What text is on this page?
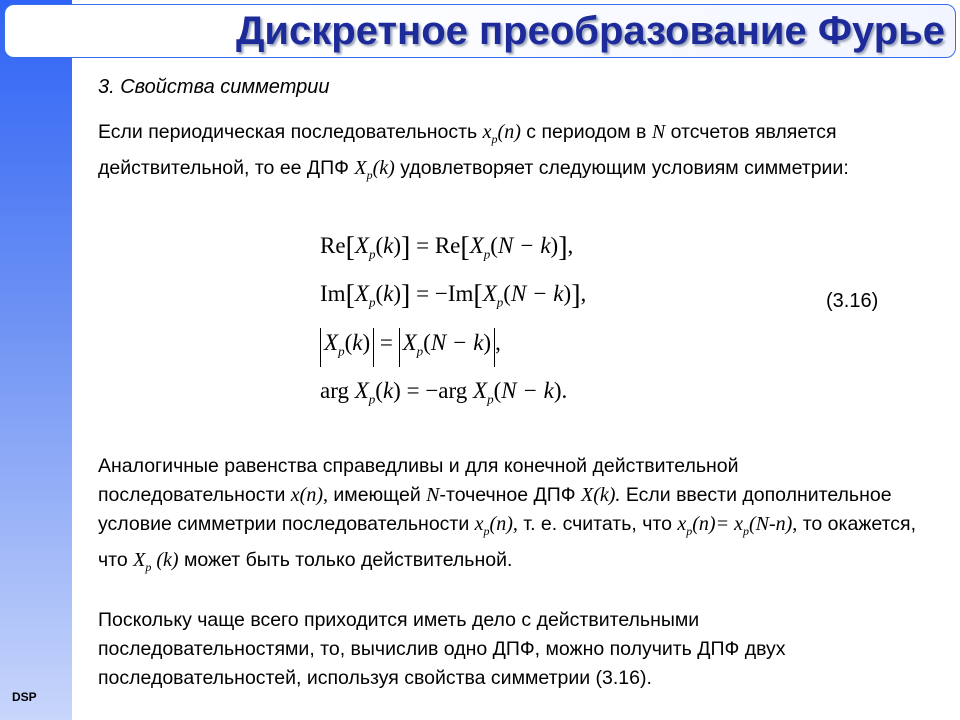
DSP
Дискретное преобразование Фурье
3. Свойства симметрии
Если периодическая последовательность $x_p(n)$ с периодом в N отсчетов является действительной, то ее ДПФ $X_p(k)$ удовлетворяет следующим условиям симметрии:
$Re[X_p(k)] = Re[X_p(N - k)]$,
$Im[X_p(k)] = -Im[X_p(N - k)]$,
$X_p(k) = X_p(N - k)$ ,
arg $X_p(k) = -arg$ $X_p(N - k)$.
(3.16)
Аналогичные равенства справедливы и для конечной действительной последовательности x(n), имеющей N-точечное ДПФ X(k). Если ввести дополнительное условие симметрии последовательности $x_p(n)$, т. е. считать, что $x_p(n)= x_p(N-n)$, то окажется, что $X_p$ (k) может быть только действительной.
Поскольку чаще всего приходится иметь дело с действительными последовательностями, то, вычислив одно ДПФ, можно получить ДПФ двух последовательностей, используя свойства симметрии (3.16).
